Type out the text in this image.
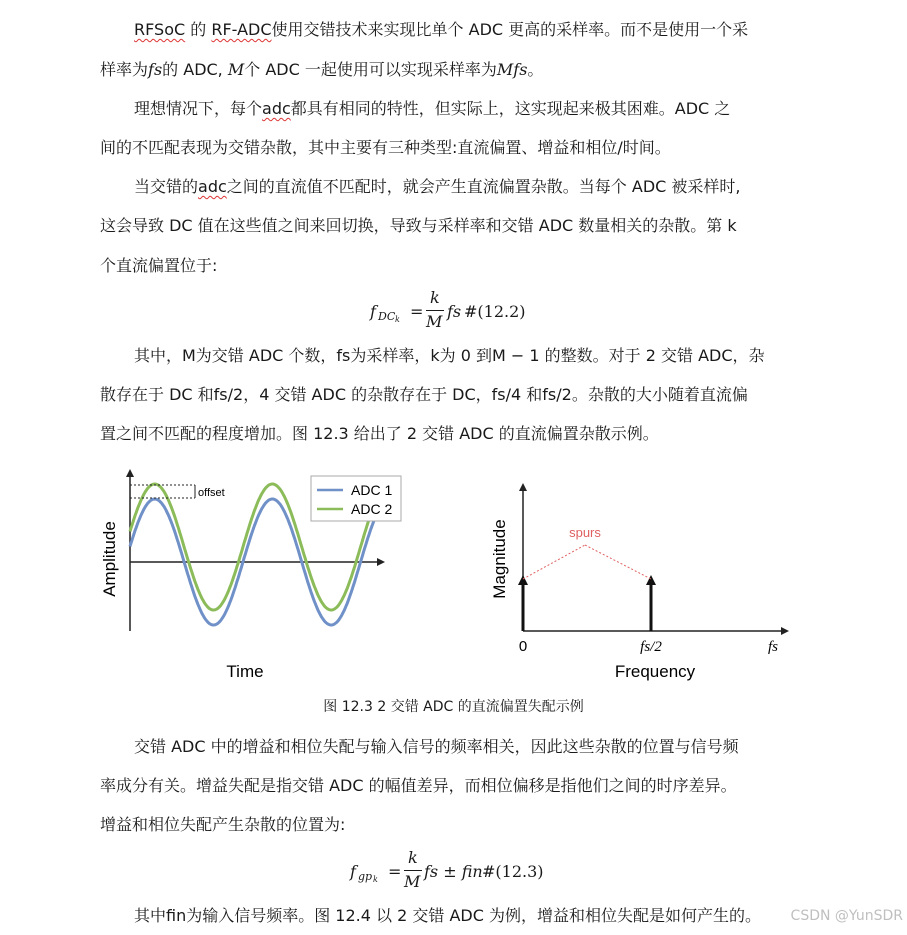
RFSoC 的 RF-ADC使用交错技术来实现比单个 ADC 更高的采样率。而不是使用一个采
样率为fs的 ADC, M个 ADC 一起使用可以实现采样率为Mfs。
理想情况下，每个adc都具有相同的特性，但实际上，这实现起来极其困难。ADC 之
间的不匹配表现为交错杂散，其中主要有三种类型:直流偏置、增益和相位/时间。
当交错的adc之间的直流值不匹配时，就会产生直流偏置杂散。当每个 ADC 被采样时,
这会导致 DC 值在这些值之间来回切换，导致与采样率和交错 ADC 数量相关的杂散。第 k
个直流偏置位于:
f DC k =
k
M
fs #(12.2)
其中，M为交错 ADC 个数，fs为采样率，k为 0 到M − 1 的整数。对于 2 交错 ADC，杂
散存在于 DC 和fs/2，4 交错 ADC 的杂散存在于 DC，fs/4 和fs/2。杂散的大小随着直流偏
置之间不匹配的程度增加。图 12.3 给出了 2 交错 ADC 的直流偏置杂散示例。
offset	ADC 1
ADC 2
Time
Amplitude	spurs
0	fs/2	fs
Frequency
Magnitude
图 12.3 2 交错 ADC 的直流偏置失配示例
交错 ADC 中的增益和相位失配与输入信号的频率相关，因此这些杂散的位置与信号频
率成分有关。增益失配是指交错 ADC 的幅值差异，而相位偏移是指他们之间的时序差异。
增益和相位失配产生杂散的位置为:
f gp k =
k
M
fs ± fin #(12.3)
其中fin为输入信号频率。图 12.4 以 2 交错 ADC 为例，增益和相位失配是如何产生的。 CSDN @YunSDR
